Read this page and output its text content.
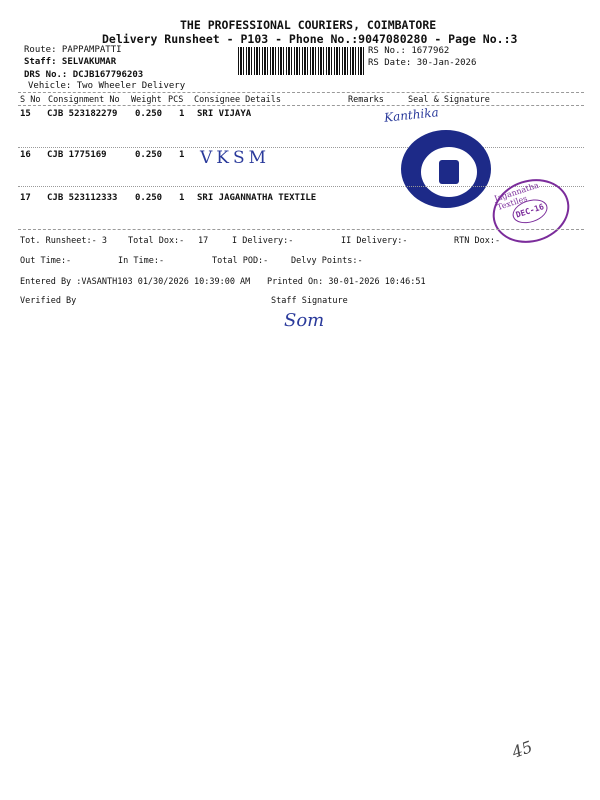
THE PROFESSIONAL COURIERS, COIMBATORE
Delivery Runsheet - P103 - Phone No.:9047080280 - Page No.:3
Route: PAPPAMPATTI
Staff: SELVAKUMAR
DRS No.: DCJB167796203
Vehicle: Two Wheeler Delivery
RS No.: 1677962
RS Date: 30-Jan-2026
S No Consignment No Weight PCS Consignee Details	Remarks	Seal & Signature
15 CJB 523182279 0.250 1 SRI VIJAYA	Kanthika
16 CJB 1775169	0.250 1 VKSM
17 CJB 523112333 0.250 1 SRI JAGANNATHA TEXTILE	Jagannatha Textiles
DEC-16
Tot. Runsheet:- 3 Total Dox:- 17	I Delivery:-	II Delivery:-	RTN Dox:-
Out Time:-	In Time:-	Total POD:-	Delvy Points:-
Entered By :VASANTH103 01/30/2026 10:39:00 AM Printed On: 30-01-2026 10:46:51
Verified By	Staff Signature
Som
45
